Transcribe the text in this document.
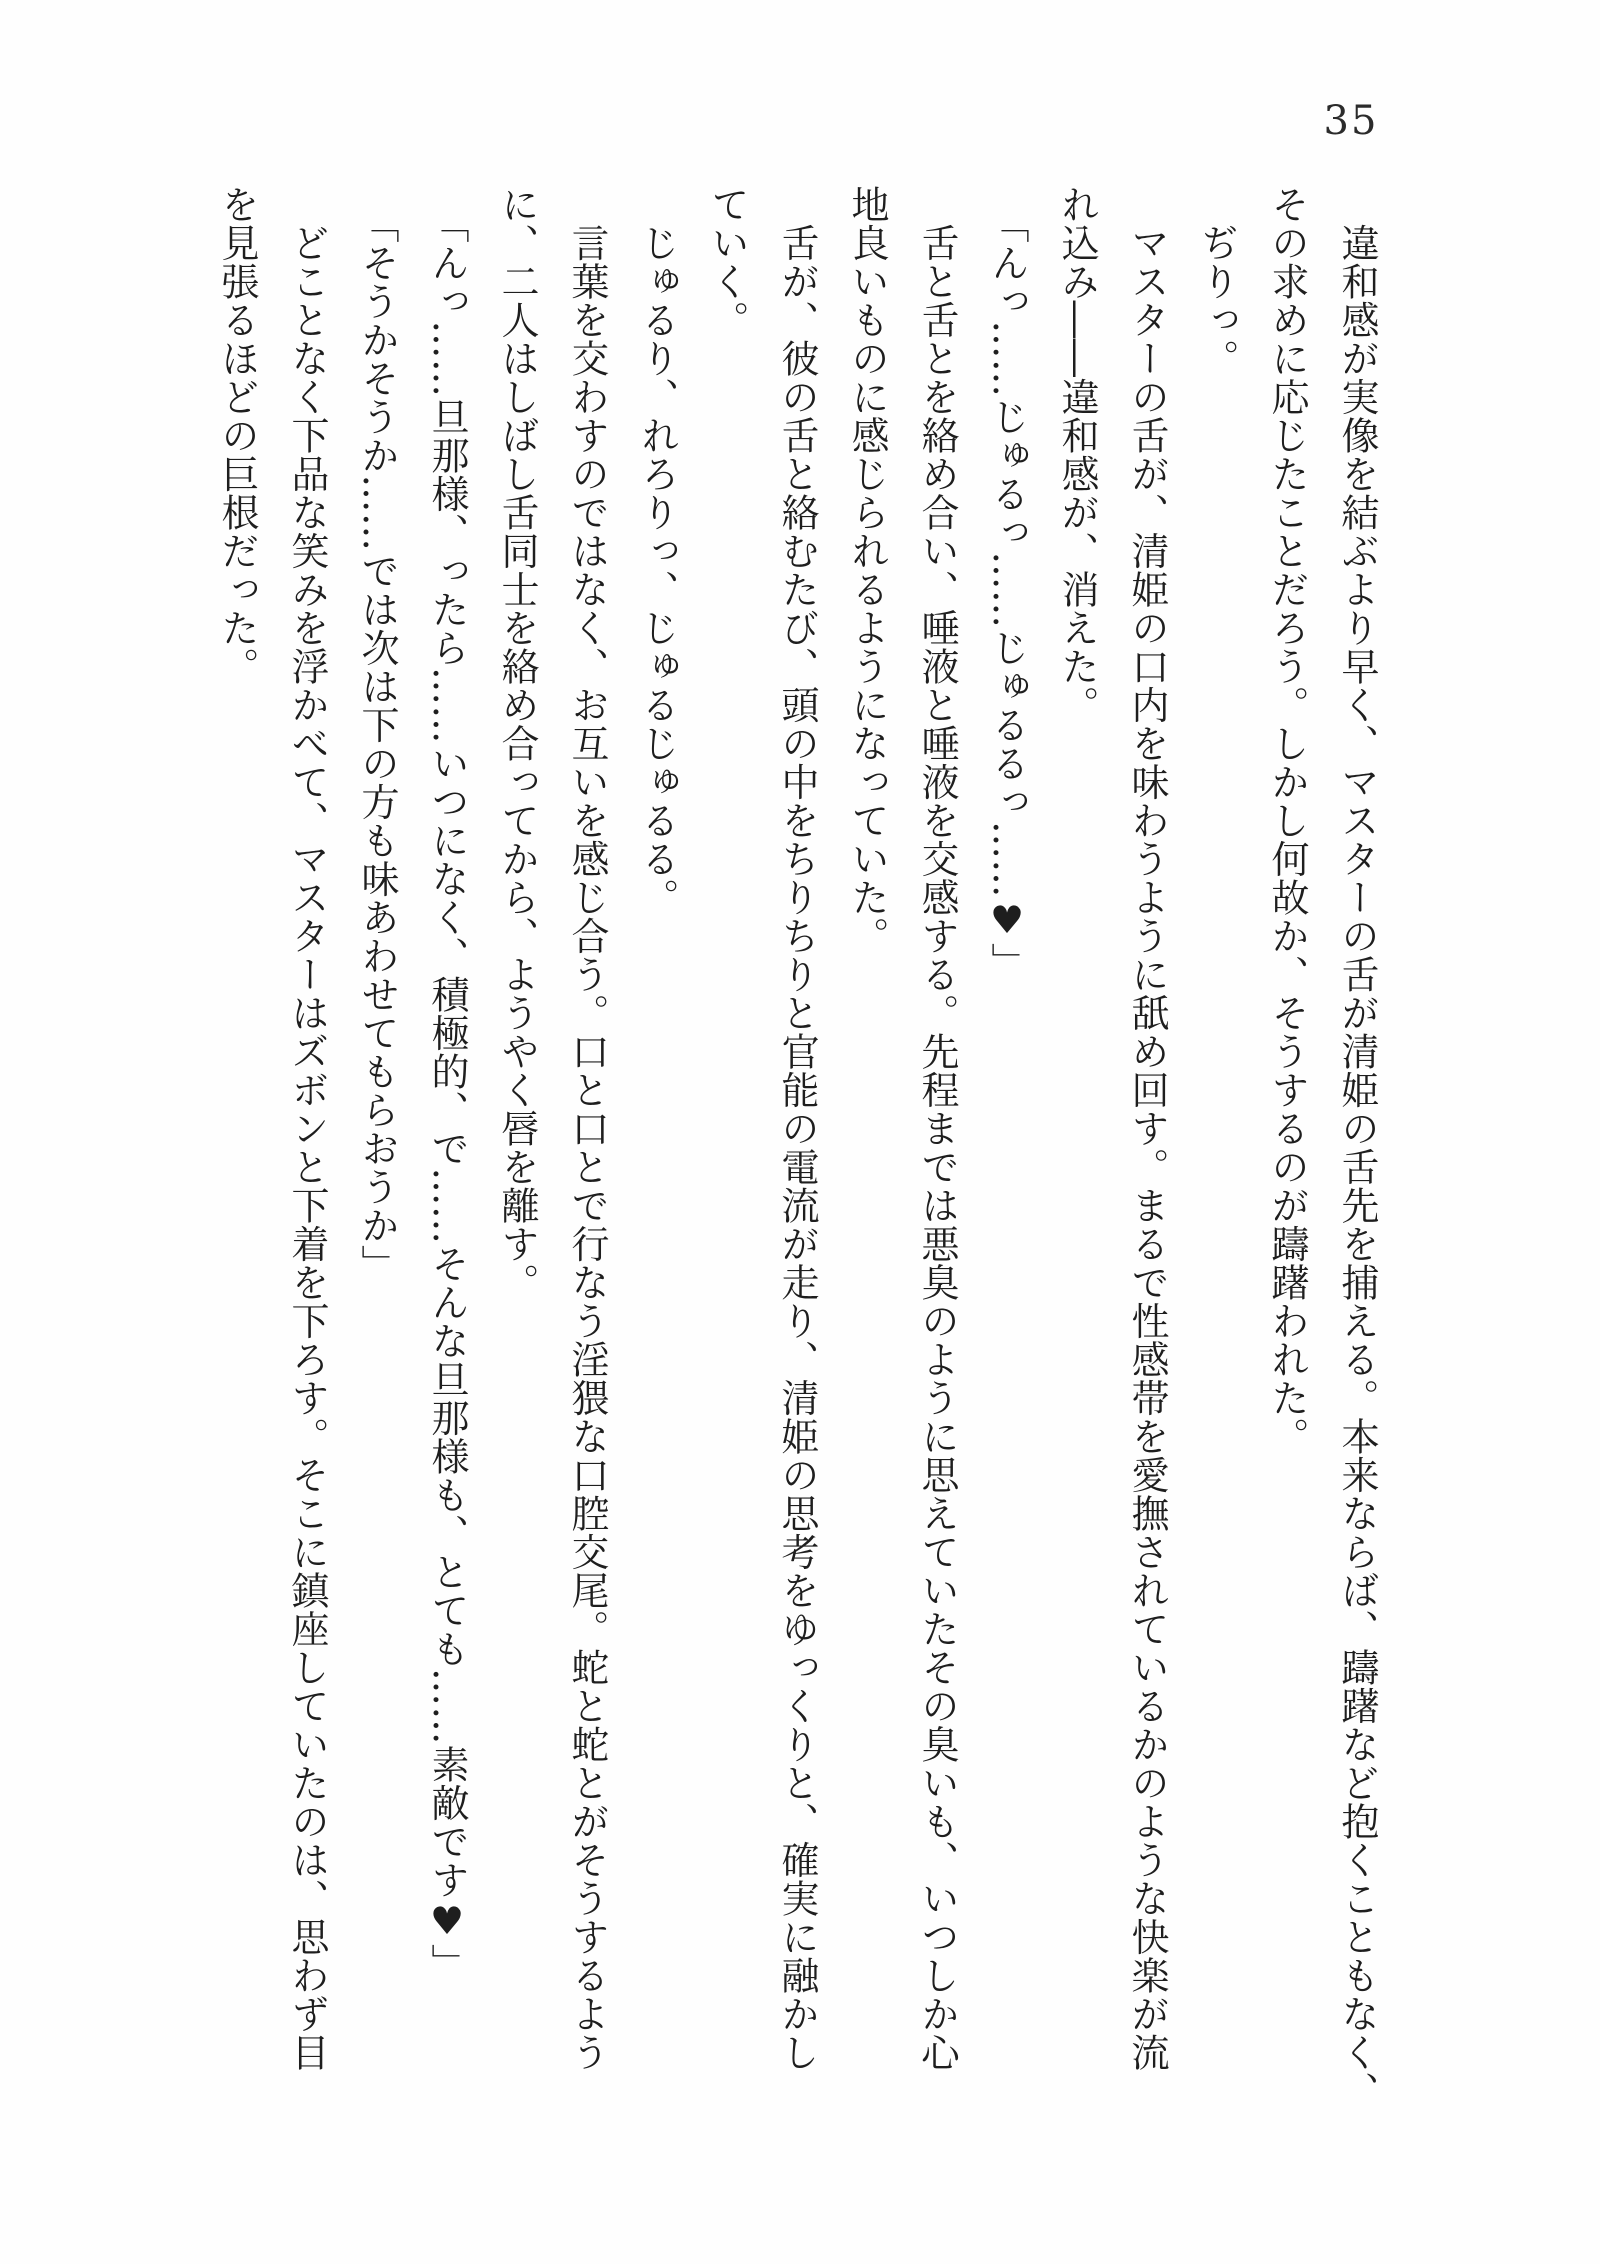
35
　違和感が実像を結ぶより早く、マスターの舌が清姫の舌先を捕える。本来ならば、躊躇など抱くこともなく、
その求めに応じたことだろう。しかし何故か、そうするのが躊躇われた。
　ぢりっ。
　マスターの舌が、清姫の口内を味わうように舐め回す。まるで性感帯を愛撫されているかのような快楽が流
れ込み――違和感が、消えた。
「んっ……じゅるっ……じゅるるっ……♥」
　舌と舌とを絡め合い、唾液と唾液を交感する。先程までは悪臭のように思えていたその臭いも、いつしか心
地良いものに感じられるようになっていた。
　舌が、彼の舌と絡むたび、頭の中をちりちりと官能の電流が走り、清姫の思考をゆっくりと、確実に融かし
ていく。
　じゅるり、れろりっ、じゅるじゅるる。
　言葉を交わすのではなく、お互いを感じ合う。口と口とで行なう淫猥な口腔交尾。蛇と蛇とがそうするよう
に、二人はしばし舌同士を絡め合ってから、ようやく唇を離す。
「んっ……旦那様、ったら……いつになく、積極的、で……そんな旦那様も、とても……素敵です♥」
「そうかそうか……では次は下の方も味あわせてもらおうか」
　どことなく下品な笑みを浮かべて、マスターはズボンと下着を下ろす。そこに鎮座していたのは、思わず目
を見張るほどの巨根だった。
